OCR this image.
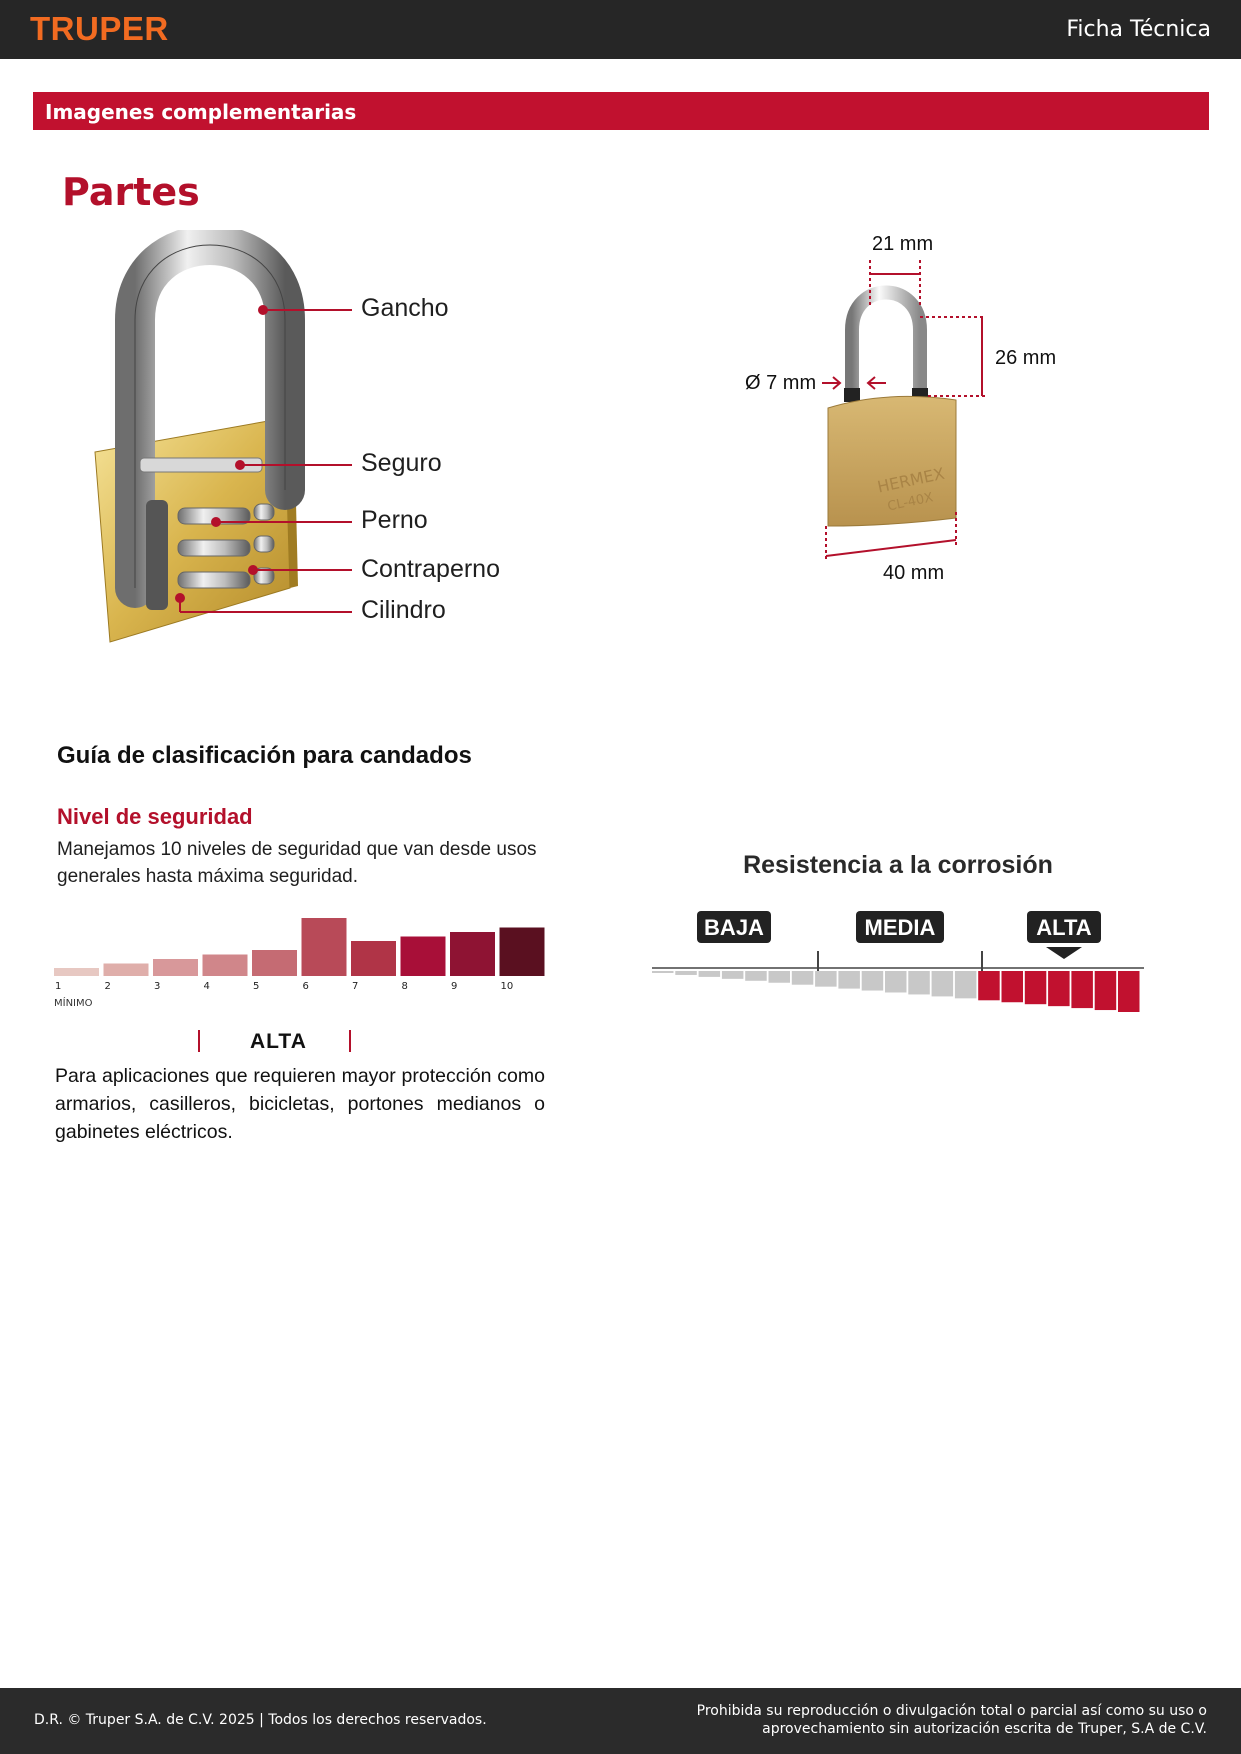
TRUPER	Ficha Técnica
Imagenes complementarias
Partes
Gancho
Seguro
Perno
Contraperno
Cilindro
HERMEX
CL-40X
21 mm
26 mm
Ø 7 mm
40 mm
Guía de clasificación para candados
Nivel de seguridad
Manejamos 10 niveles de seguridad que van desde usos generales hasta máxima seguridad.
MÍNIMO
1	2	3	4	5	6	7	8	9	10
ALTA
Para aplicaciones que requieren mayor protección como armarios, casilleros, bicicletas, portones medianos o gabinetes eléctricos.
Resistencia a la corrosión
BAJA	MEDIA	ALTA
D.R. © Truper S.A. de C.V. 2025 | Todos los derechos reservados.
Prohibida su reproducción o divulgación total o parcial así como su uso o
aprovechamiento sin autorización escrita de Truper, S.A de C.V.
